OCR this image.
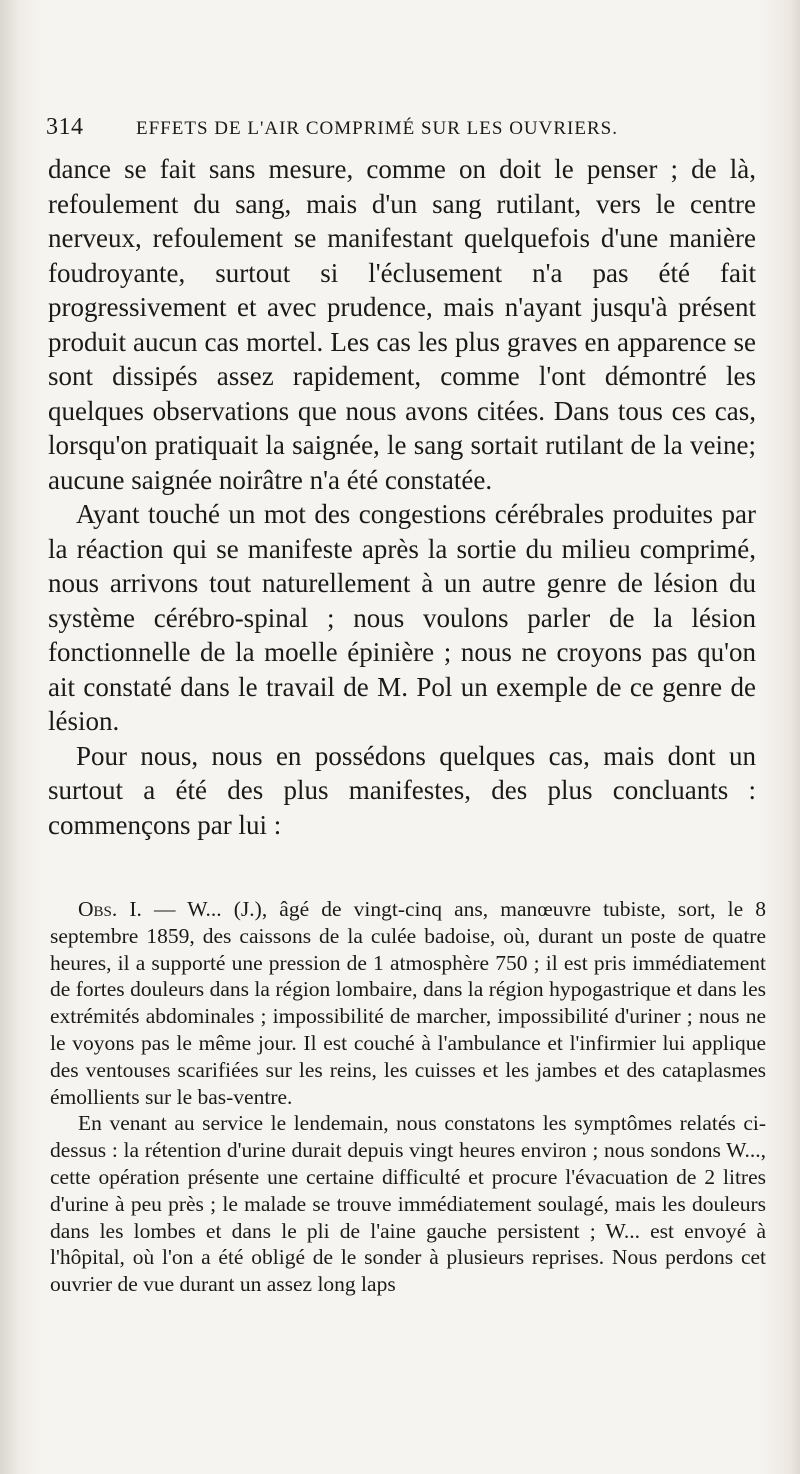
314	EFFETS DE L'AIR COMPRIMÉ SUR LES OUVRIERS.

dance se fait sans mesure, comme on doit le penser ; de là, refoulement du sang, mais d'un sang rutilant, vers le centre nerveux, refoulement se manifestant quelquefois d'une manière foudroyante, surtout si l'éclusement n'a pas été fait progressivement et avec prudence, mais n'ayant jusqu'à présent produit aucun cas mortel. Les cas les plus graves en apparence se sont dissipés assez rapidement, comme l'ont démontré les quelques observations que nous avons citées. Dans tous ces cas, lorsqu'on pratiquait la saignée, le sang sortait rutilant de la veine; aucune saignée noirâtre n'a été constatée.

Ayant touché un mot des congestions cérébrales produites par la réaction qui se manifeste après la sortie du milieu comprimé, nous arrivons tout naturellement à un autre genre de lésion du système cérébro-spinal ; nous voulons parler de la lésion fonctionnelle de la moelle épinière ; nous ne croyons pas qu'on ait constaté dans le travail de M. Pol un exemple de ce genre de lésion.

Pour nous, nous en possédons quelques cas, mais dont un surtout a été des plus manifestes, des plus concluants : commençons par lui :

Obs. I. — W... (J.), âgé de vingt-cinq ans, manœuvre tubiste, sort, le 8 septembre 1859, des caissons de la culée badoise, où, durant un poste de quatre heures, il a supporté une pression de 1 atmosphère 750 ; il est pris immédiatement de fortes douleurs dans la région lombaire, dans la région hypogastrique et dans les extrémités abdominales ; impossibilité de marcher, impossibilité d'uriner ; nous ne le voyons pas le même jour. Il est couché à l'ambulance et l'infirmier lui applique des ventouses scarifiées sur les reins, les cuisses et les jambes et des cataplasmes émollients sur le bas-ventre.

En venant au service le lendemain, nous constatons les symptômes relatés ci-dessus : la rétention d'urine durait depuis vingt heures environ ; nous sondons W..., cette opération présente une certaine difficulté et procure l'évacuation de 2 litres d'urine à peu près ; le malade se trouve immédiatement soulagé, mais les douleurs dans les lombes et dans le pli de l'aine gauche persistent ; W... est envoyé à l'hôpital, où l'on a été obligé de le sonder à plusieurs reprises. Nous perdons cet ouvrier de vue durant un assez long laps
